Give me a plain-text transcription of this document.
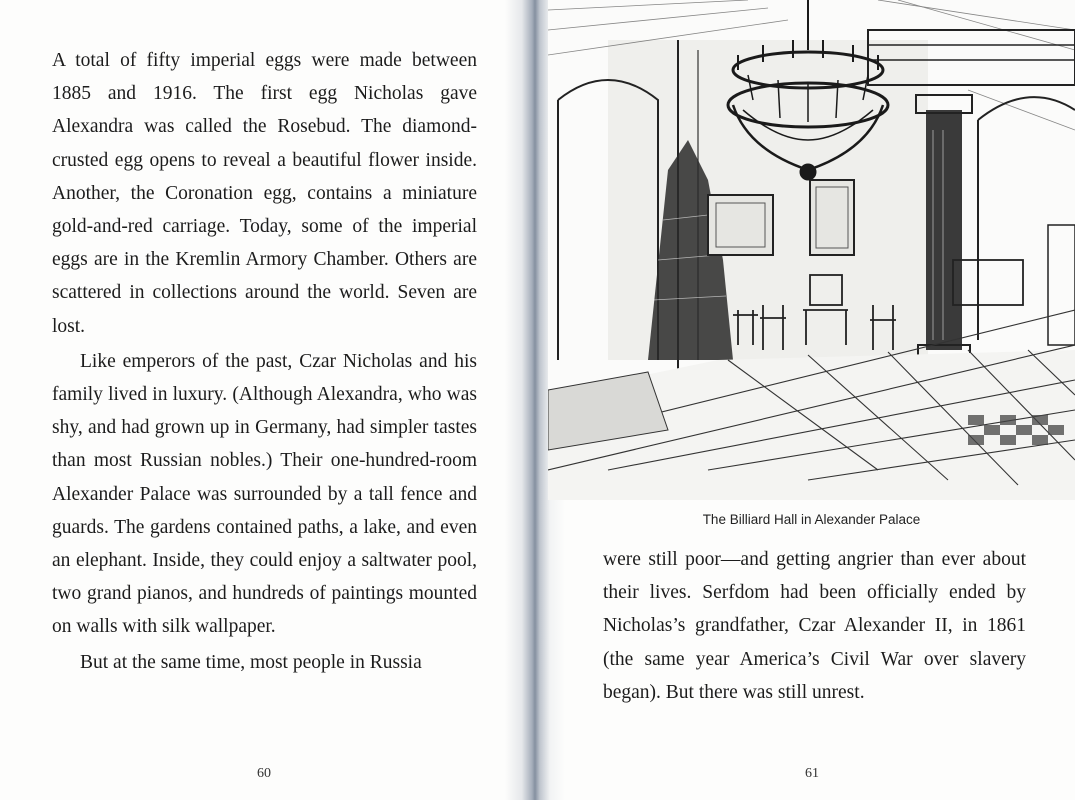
A total of fifty imperial eggs were made between 1885 and 1916. The first egg Nicholas gave Alexandra was called the Rosebud. The diamond-crusted egg opens to reveal a beautiful flower inside. Another, the Coronation egg, contains a miniature gold-and-red carriage. Today, some of the imperial eggs are in the Kremlin Armory Chamber. Others are scattered in collections around the world. Seven are lost.

Like emperors of the past, Czar Nicholas and his family lived in luxury. (Although Alexandra, who was shy, and had grown up in Germany, had simpler tastes than most Russian nobles.) Their one-hundred-room Alexander Palace was surrounded by a tall fence and guards. The gardens contained paths, a lake, and even an elephant. Inside, they could enjoy a saltwater pool, two grand pianos, and hundreds of paintings mounted on walls with silk wallpaper.

But at the same time, most people in Russia

60
The Billiard Hall in Alexander Palace

were still poor—and getting angrier than ever about their lives. Serfdom had been officially ended by Nicholas’s grandfather, Czar Alexander II, in 1861 (the same year America’s Civil War over slavery began). But there was still unrest.

61
